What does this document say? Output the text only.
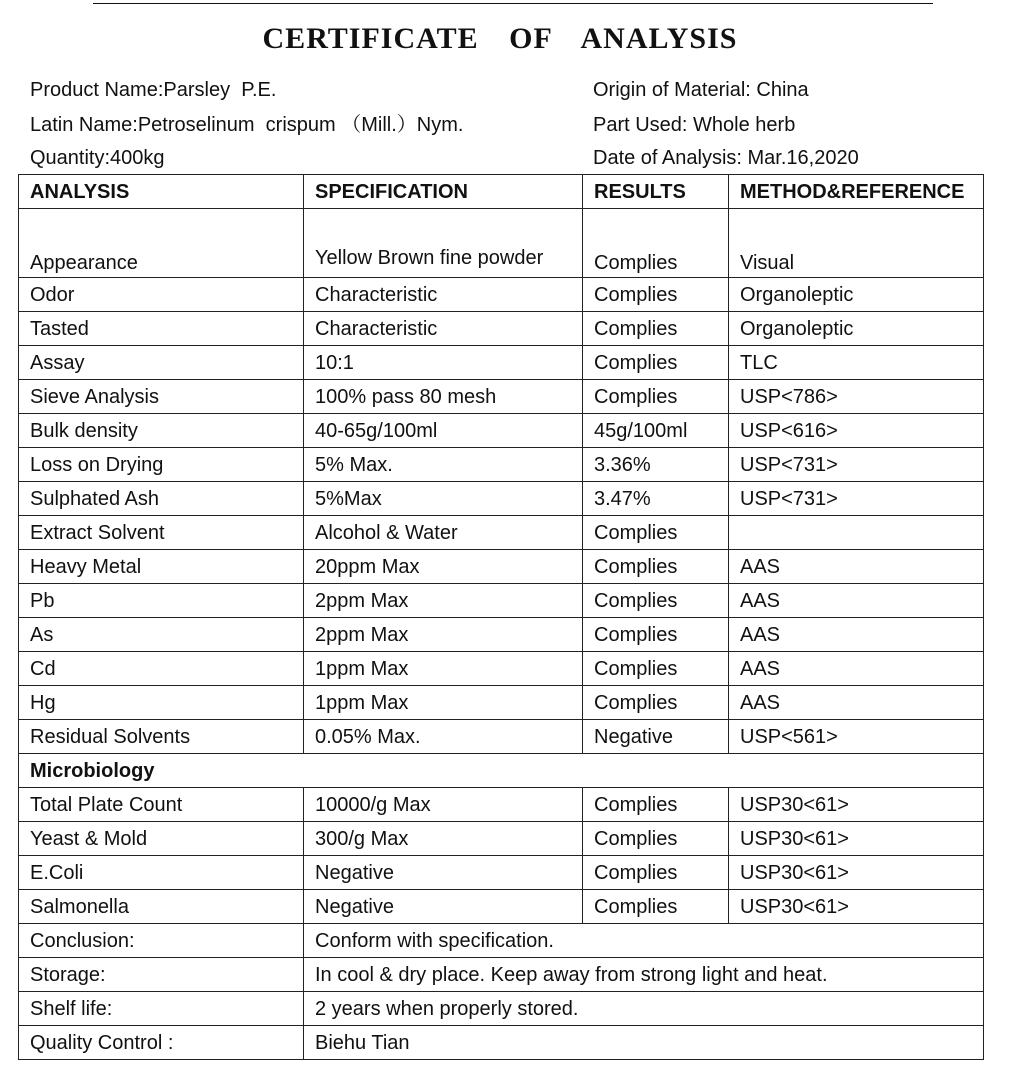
CERTIFICATE OF ANALYSIS
Product Name:Parsley  P.E.
Latin Name:Petroselinum  crispum （Mill.）Nym.
Quantity:400kg
Origin of Material: China
Part Used: Whole herb
Date of Analysis: Mar.16,2020
ANALYSIS	SPECIFICATION	RESULTS	METHOD&REFERENCE
Appearance	Yellow Brown fine powder	Complies	Visual
Odor	Characteristic	Complies	Organoleptic
Tasted	Characteristic	Complies	Organoleptic
Assay	10:1	Complies	TLC
Sieve Analysis	100% pass 80 mesh	Complies	USP<786>
Bulk density	40-65g/100ml	45g/100ml	USP<616>
Loss on Drying	5% Max.	3.36%	USP<731>
Sulphated Ash	5%Max	3.47%	USP<731>
Extract Solvent	Alcohol & Water	Complies	
Heavy Metal	20ppm Max	Complies	AAS
Pb	2ppm Max	Complies	AAS
As	2ppm Max	Complies	AAS
Cd	1ppm Max	Complies	AAS
Hg	1ppm Max	Complies	AAS
Residual Solvents	0.05% Max.	Negative	USP<561>
Microbiology			
Total Plate Count	10000/g Max	Complies	USP30<61>
Yeast & Mold	300/g Max	Complies	USP30<61>
E.Coli	Negative	Complies	USP30<61>
Salmonella	Negative	Complies	USP30<61>
Conclusion:	Conform with specification.		
Storage:	In cool & dry place. Keep away from strong light and heat.		
Shelf life:	2 years when properly stored.		
Quality Control :	Biehu Tian		
